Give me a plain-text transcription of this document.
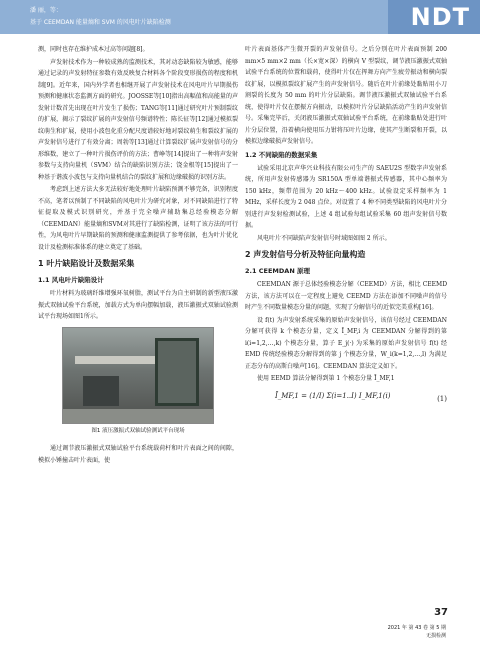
潘 丽，等：
基于 CEEMDAN 能量熵和 SVM 的风电叶片缺陷检测	NDT

测，同时也存在维护成本过高等问题[8]。

声发射技术作为一种较成熟的监测技术，其对动态缺陷较为敏感，能够通过记录的声发射特征参数有效反映复合材料各个阶段变形损伤的程度和机制[9]。近年来，国内外学者也相继开展了声发射技术在风电叶片早期损伤预测和健康状态监测方面的研究。JOOSSE等[10]指出高幅值和高能量的声发射计数首先出现在叶片发生了损伤；TANG等[11]通过研究叶片预制裂纹的扩展，揭示了裂纹扩展的声发射信号频谱特性；陈长征等[12]通过模拟裂纹萌生和扩展，使用小波包化重分配尺度谱较好地对裂纹萌生和裂纹扩展的声发射信号进行了有效分离；周勃等[13]通过计算裂纹扩展声发射信号的分形维数，建立了一种叶片损伤评价的方法；曹峥等[14]提出了一种将声发射参数与支持向量机（SVM）结合的缺陷识别方法；饶金根等[15]提出了一种基于谐波小波包与支持向量机结合的裂纹扩展和边缘破损的识别方法。

考虑到上述方法大多无法较好地处理叶片缺陷预测不够完备，识别程度不高，笔者以预制了不同缺陷的风电叶片为研究对象，对不同缺陷进行了特征提取及模式识别研究，并基于完全噪声辅助集总经验模态分解（CEEMDAN）能量熵和SVM对其进行了缺陷检测，证明了该方法的可行性，为风电叶片早期缺陷的预测和健康监测提供了参考依据，也为叶片优化设计及检测标准体系的建立奠定了基础。

1 叶片缺陷设计及数据采集
1.1 风电叶片缺陷设计

叶片材料为玻璃纤维增强环氧树脂，测试平台为自主研制的新型液压激振式双轴试验平台系统，加载方式为单向摆幅加载，液压激振式双轴试验测试平台现场如图1所示。

图1 液压激振式双轴试验测试平台现场

通过调节液压激振式双轴试验平台系统载荷杆和叶片表面之间的间隙，模拟小锤撞击叶片表面，使

叶片表面基体产生微开裂的声发射信号。之后分别在叶片表面预制 200 mm×5 mm×2 mm（长×宽×深）的横向 V 型裂纹，调节液压激振式双轴试验平台系统的位置和载荷，使得叶片仅在挥舞方向产生疲劳振动和横向裂纹扩展，以模拟裂纹扩展产生的声发射信号。随后在叶片前缘处黏贴用小刀割裂的长度为 50 mm 的叶片分层缺陷。调节液压激振式双轴试验平台系统，使得叶片仅在摆振方向振动，以模拟叶片分层缺陷活动产生的声发射信号。采集完毕后，关闭液压激振式双轴试验平台系统，在前缘黏贴处进行叶片分层位置，沿着横向使用压力钳将压叶片边缘，使其产生断裂和开裂，以模拟边缘破损声发射信号。

1.2 不同缺陷的数据采集

试验采用北京声华兴业科技有限公司生产的 SAEU2S 型数字声发射系统，所用声发射传感器为 SR150A 型单端谐振式传感器，其中心频率为 150 kHz，频带范围为 20 kHz～400 kHz。试验设定采样频率为 1 MHz，采样长度为 2 048 点位。对设置了 4 种不同类型缺陷的风电叶片分别进行声发射检测试验，上述 4 组试验每组试验采集 60 组声发射信号数据。

风电叶片不同缺陷声发射信号时域图如图 2 所示。

2 声发射信号分析及特征向量构造
2.1 CEEMDAN 原理

CEEMDAN 源于总体经验模态分解（CEEMD）方法，相比 CEEMD 方法，该方法可以在一定程度上避免 CEEMD 方法在添加不同噪声的信号时产生不同数量模态分量的问题，实现了分解信号的近似完美重构[16]。

设 f(t) 为声发射系统采集的原始声发射信号，该信号经过 CEEMDAN 分解可获得 k 个模态分量，定义 Ī_MF,i 为 CEEMDAN 分解得到的第 i(i=1,2,…,k) 个模态分量，算子 E_j(·) 为采集的原始声发射信号 f(t) 经 EMD 传统经验模态分解得到的第 j 个模态分量，W_i(k=1,2,…,l) 为满足正态分布的高斯白噪声[16]。CEEMDAN 算法定义如下。

使用 EEMD 算法分解得到第 1 个模态分量 Ī_MF,1

Ī_MF,1 = (1/I) Σ(i=1..I) I_MF,1(i)	(1)
37
2021 年 第 43 卷 第 5 期
无损检测
